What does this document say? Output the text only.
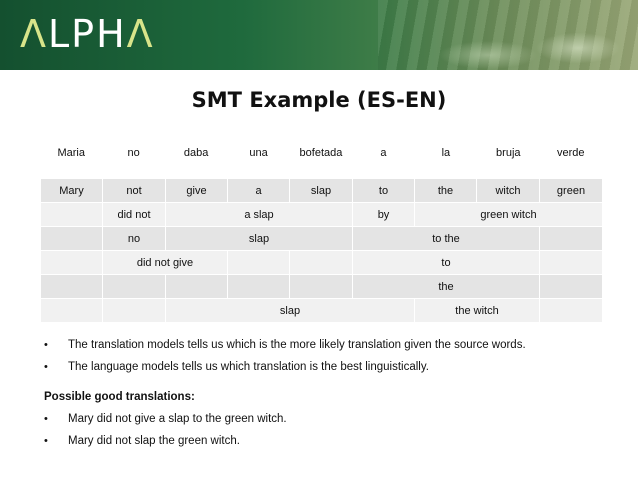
ΛLPHΛ
SMT Example (ES-EN)
Maria	no	daba	una	bofetada	a	la	bruja	verde
Mary	not	give	a	slap	to	the	witch	green
	did not	a slap			by	green witch		
	no	slap			to the			
	did not give				to			
					the			
		slap				the witch		
•	The translation models tells us which is the more likely translation given the source words.
•	The language models tells us which translation is the best linguistically.
Possible good translations:
•	Mary did not give a slap to the green witch.
•	Mary did not slap the green witch.
